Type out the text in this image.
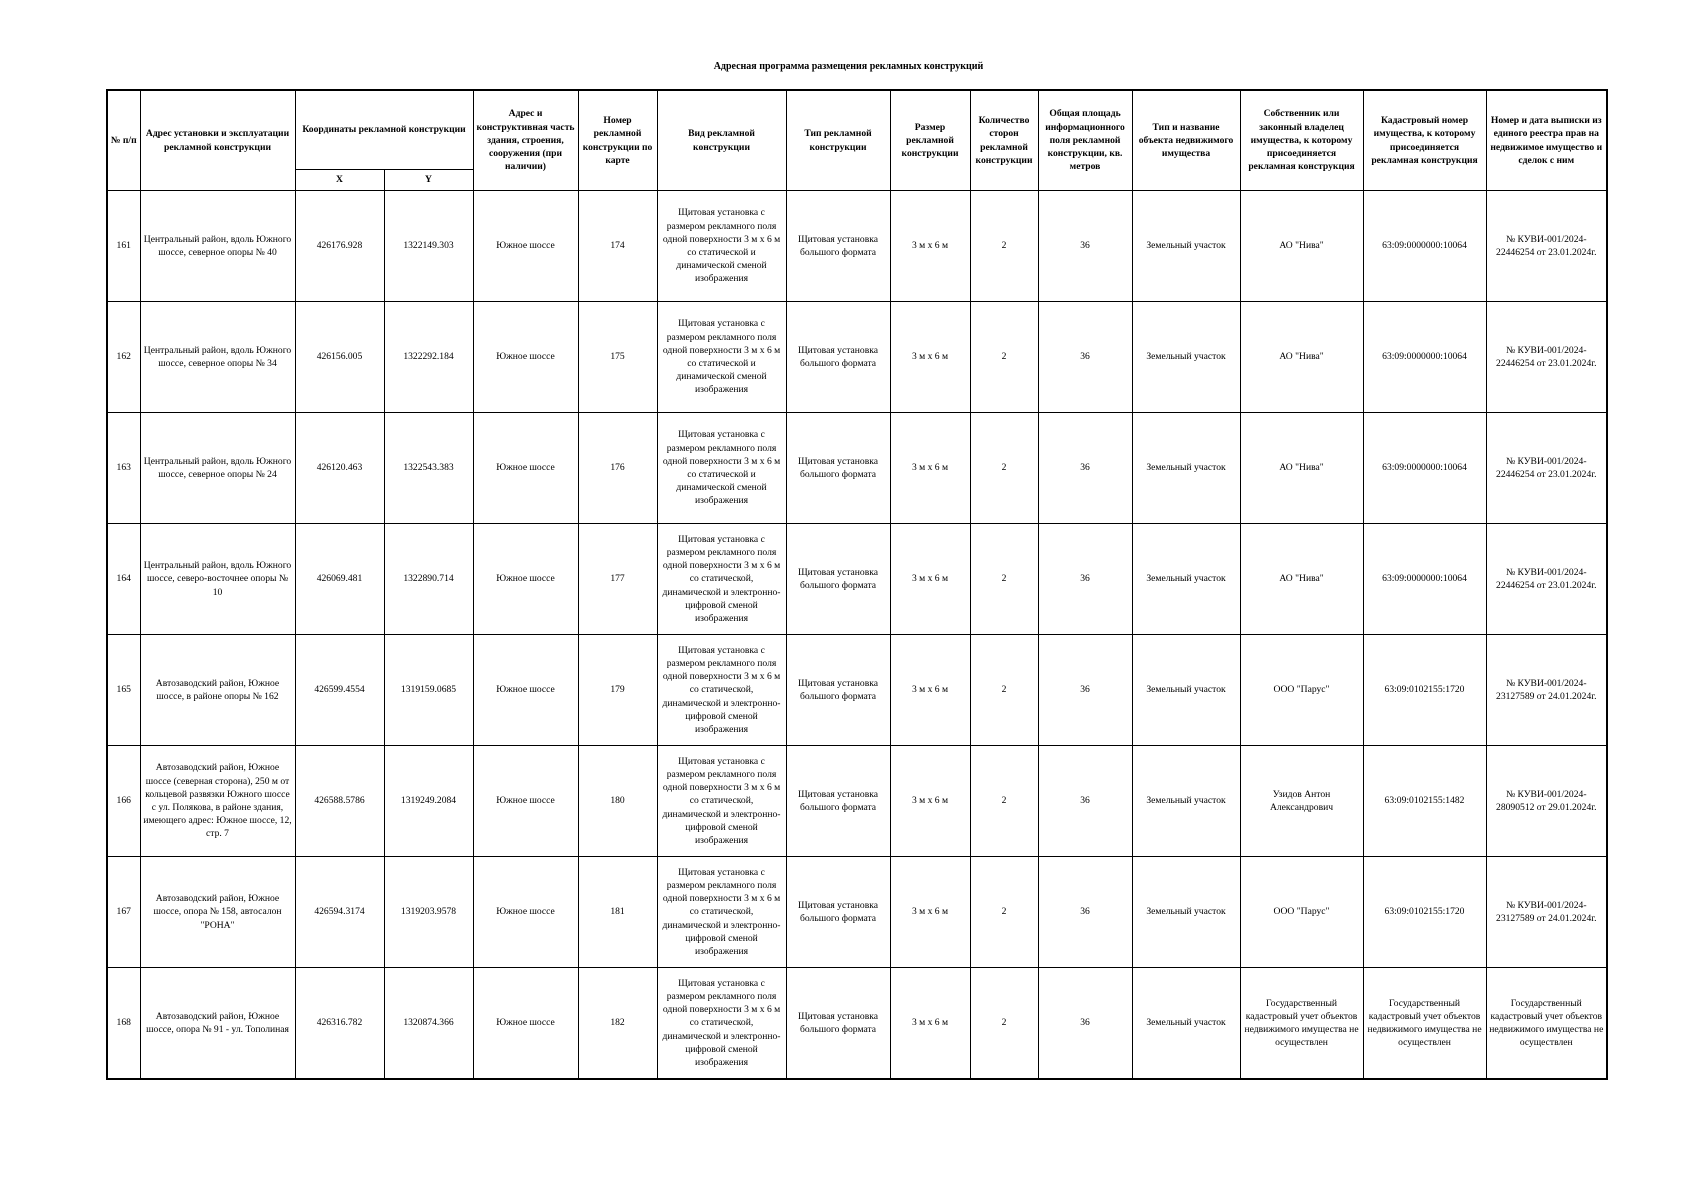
Адресная программа размещения рекламных конструкций
№ п/п	Адрес установки и эксплуатации рекламной конструкции	Координаты рекламной конструкции		Адрес и конструктивная часть здания, строения, сооружения (при наличии)	Номер рекламной конструкции по карте	Вид рекламной конструкции	Тип рекламной конструкции	Размер рекламной конструкции	Количество сторон рекламной конструкции	Общая площадь информационного поля рекламной конструкции, кв. метров	Тип и название объекта недвижимого имущества	Собственник или законный владелец имущества, к которому присоединяется рекламная конструкция	Кадастровый номер имущества, к которому присоединяется рекламная конструкция	Номер и дата выписки из единого реестра прав на недвижимое имущество и сделок с ним
		X	Y											
161	Центральный район, вдоль Южного шоссе, северное опоры № 40	426176.928	1322149.303	Южное шоссе	174	Щитовая установка с размером рекламного поля одной поверхности 3 м х 6 м со статической и динамической сменой изображения	Щитовая установка большого формата	3 м х 6 м	2	36	Земельный участок	АО "Нива"	63:09:0000000:10064	№ КУВИ-001/2024-22446254 от 23.01.2024г.
162	Центральный район, вдоль Южного шоссе, северное опоры № 34	426156.005	1322292.184	Южное шоссе	175	Щитовая установка с размером рекламного поля одной поверхности 3 м х 6 м со статической и динамической сменой изображения	Щитовая установка большого формата	3 м х 6 м	2	36	Земельный участок	АО "Нива"	63:09:0000000:10064	№ КУВИ-001/2024-22446254 от 23.01.2024г.
163	Центральный район, вдоль Южного шоссе, северное опоры № 24	426120.463	1322543.383	Южное шоссе	176	Щитовая установка с размером рекламного поля одной поверхности 3 м х 6 м со статической и динамической сменой изображения	Щитовая установка большого формата	3 м х 6 м	2	36	Земельный участок	АО "Нива"	63:09:0000000:10064	№ КУВИ-001/2024-22446254 от 23.01.2024г.
164	Центральный район, вдоль Южного шоссе, северо-восточнее опоры № 10	426069.481	1322890.714	Южное шоссе	177	Щитовая установка с размером рекламного поля одной поверхности 3 м х 6 м со статической, динамической и электронно-цифровой сменой изображения	Щитовая установка большого формата	3 м х 6 м	2	36	Земельный участок	АО "Нива"	63:09:0000000:10064	№ КУВИ-001/2024-22446254 от 23.01.2024г.
165	Автозаводский район, Южное шоссе, в районе опоры № 162	426599.4554	1319159.0685	Южное шоссе	179	Щитовая установка с размером рекламного поля одной поверхности 3 м х 6 м со статической, динамической и электронно-цифровой сменой изображения	Щитовая установка большого формата	3 м х 6 м	2	36	Земельный участок	ООО "Парус"	63:09:0102155:1720	№ КУВИ-001/2024-23127589 от 24.01.2024г.
166	Автозаводский район, Южное шоссе (северная сторона), 250 м от кольцевой развязки Южного шоссе с ул. Полякова, в районе здания, имеющего адрес: Южное шоссе, 12, стр. 7	426588.5786	1319249.2084	Южное шоссе	180	Щитовая установка с размером рекламного поля одной поверхности 3 м х 6 м со статической, динамической и электронно-цифровой сменой изображения	Щитовая установка большого формата	3 м х 6 м	2	36	Земельный участок	Узидов Антон Александрович	63:09:0102155:1482	№ КУВИ-001/2024-28090512 от 29.01.2024г.
167	Автозаводский район, Южное шоссе, опора № 158, автосалон "РОНА"	426594.3174	1319203.9578	Южное шоссе	181	Щитовая установка с размером рекламного поля одной поверхности 3 м х 6 м со статической, динамической и электронно-цифровой сменой изображения	Щитовая установка большого формата	3 м х 6 м	2	36	Земельный участок	ООО "Парус"	63:09:0102155:1720	№ КУВИ-001/2024-23127589 от 24.01.2024г.
168	Автозаводский район, Южное шоссе, опора № 91 - ул. Тополиная	426316.782	1320874.366	Южное шоссе	182	Щитовая установка с размером рекламного поля одной поверхности 3 м х 6 м со статической, динамической и электронно-цифровой сменой изображения	Щитовая установка большого формата	3 м х 6 м	2	36	Земельный участок	Государственный кадастровый учет объектов недвижимого имущества не осуществлен	Государственный кадастровый учет объектов недвижимого имущества не осуществлен	Государственный кадастровый учет объектов недвижимого имущества не осуществлен
